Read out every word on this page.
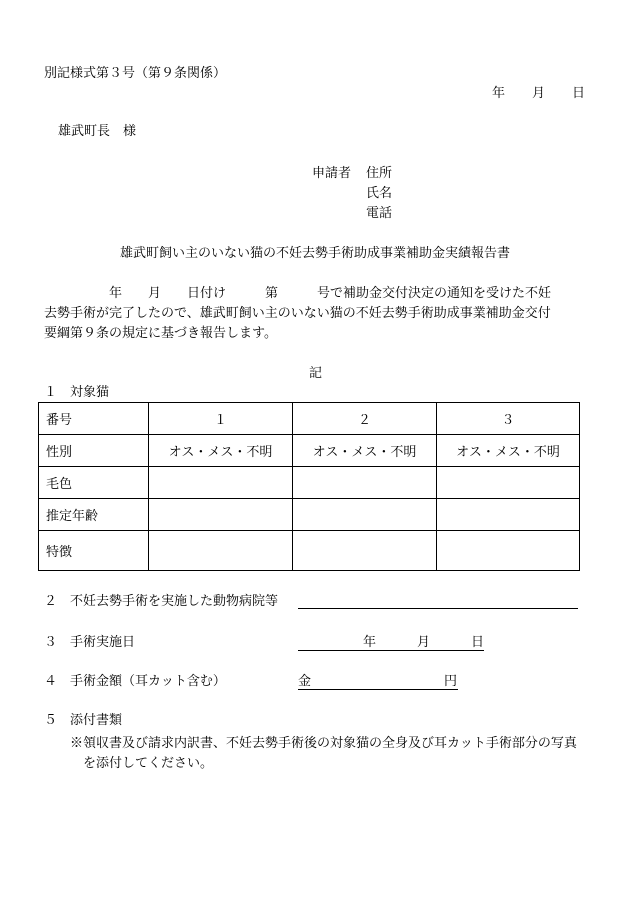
別記様式第３号（第９条関係）
年 月 日
雄武町長　様
申請者 住所
氏名
電話
雄武町飼い主のいない猫の不妊去勢手術助成事業補助金実績報告書
　　　　　年　　月　　日付け　　　第　　　号で補助金交付決定の通知を受けた不妊
去勢手術が完了したので、雄武町飼い主のいない猫の不妊去勢手術助成事業補助金交付
要綱第９条の規定に基づき報告します。
記
１　対象猫
番号	１	２	３
性別	オス・メス・不明	オス・メス・不明	オス・メス・不明
毛色			
推定年齢			
特徴			
２　不妊去勢手術を実施した動物病院等
３　手術実施日	年	月	日
４　手術金額（耳カット含む）	金	円
５　添付書類
※領収書及び請求内訳書、不妊去勢手術後の対象猫の全身及び耳カット手術部分の写真
　を添付してください。
